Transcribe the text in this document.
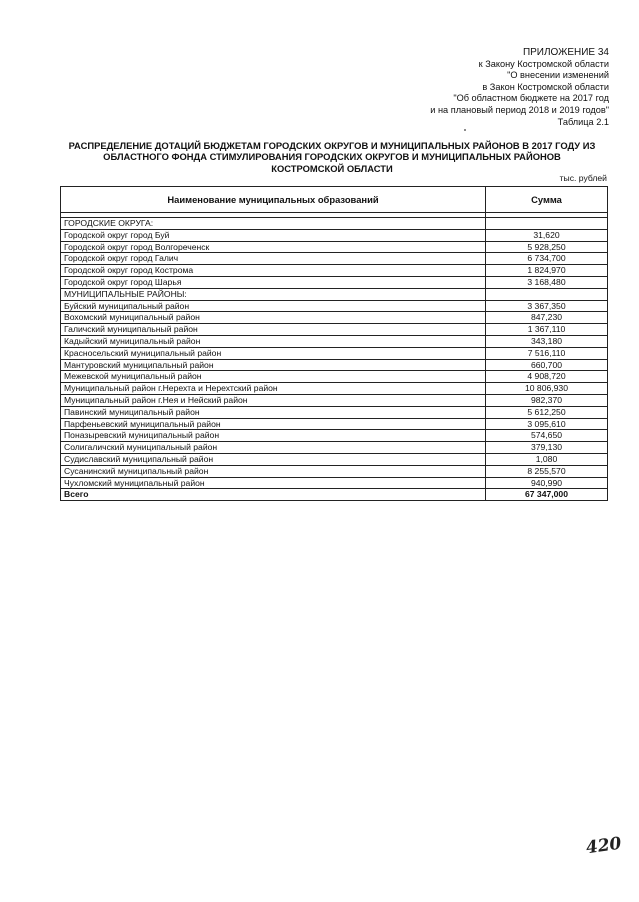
ПРИЛОЖЕНИЕ 34
к Закону Костромской области
"О внесении изменений
в Закон Костромской области
"Об областном бюджете на 2017 год
и на плановый период 2018 и 2019 годов"
Таблица 2.1
РАСПРЕДЕЛЕНИЕ ДОТАЦИЙ БЮДЖЕТАМ ГОРОДСКИХ ОКРУГОВ И МУНИЦИПАЛЬНЫХ РАЙОНОВ В 2017 ГОДУ ИЗ
ОБЛАСТНОГО ФОНДА СТИМУЛИРОВАНИЯ ГОРОДСКИХ ОКРУГОВ И МУНИЦИПАЛЬНЫХ РАЙОНОВ
КОСТРОМСКОЙ ОБЛАСТИ
тыс. рублей
Наименование муниципальных образований	Сумма

ГОРОДСКИЕ ОКРУГА:	
Городской округ город Буй	31,620
Городской округ город Волгореченск	5 928,250
Городской округ город Галич	6 734,700
Городской округ город Кострома	1 824,970
Городской округ город Шарья	3 168,480
МУНИЦИПАЛЬНЫЕ РАЙОНЫ:	
Буйский муниципальный район	3 367,350
Вохомский муниципальный район	847,230
Галичский муниципальный район	1 367,110
Кадыйский муниципальный район	343,180
Красносельский муниципальный район	7 516,110
Мантуровский муниципальный район	660,700
Межевской муниципальный район	4 908,720
Муниципальный район г.Нерехта и Нерехтский район	10 806,930
Муниципальный район г.Нея и Нейский район	982,370
Павинский муниципальный район	5 612,250
Парфеньевский муниципальный район	3 095,610
Поназыревский муниципальный район	574,650
Солигаличский муниципальный район	379,130
Судиславский муниципальный район	1,080
Сусанинский муниципальный район	8 255,570
Чухломский муниципальный район	940,990
Всего	67 347,000
420
